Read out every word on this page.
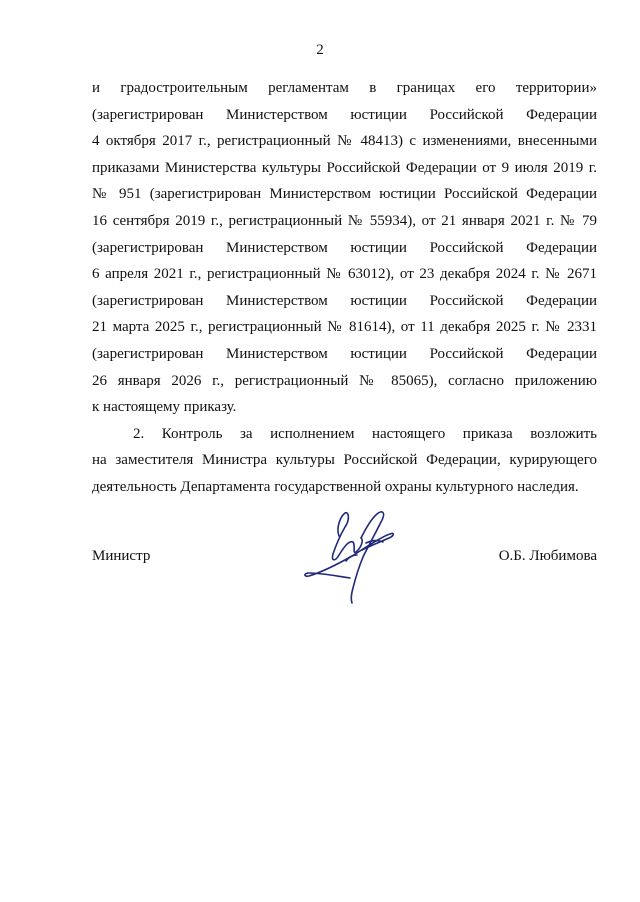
2
и градостроительным регламентам в границах его территории»
(зарегистрирован Министерством юстиции Российской Федерации
4 октября 2017 г., регистрационный № 48413) с изменениями, внесенными
приказами Министерства культуры Российской Федерации от 9 июля 2019 г.
№ 951 (зарегистрирован Министерством юстиции Российской Федерации
16 сентября 2019 г., регистрационный № 55934), от 21 января 2021 г. № 79
(зарегистрирован Министерством юстиции Российской Федерации
6 апреля 2021 г., регистрационный № 63012), от 23 декабря 2024 г. № 2671
(зарегистрирован Министерством юстиции Российской Федерации
21 марта 2025 г., регистрационный № 81614), от 11 декабря 2025 г. № 2331
(зарегистрирован Министерством юстиции Российской Федерации
26 января 2026 г., регистрационный № 85065), согласно приложению
к настоящему приказу.
2. Контроль за исполнением настоящего приказа возложить
на заместителя Министра культуры Российской Федерации, курирующего
деятельность Департамента государственной охраны культурного наследия.
Министр	О.Б. Любимова
